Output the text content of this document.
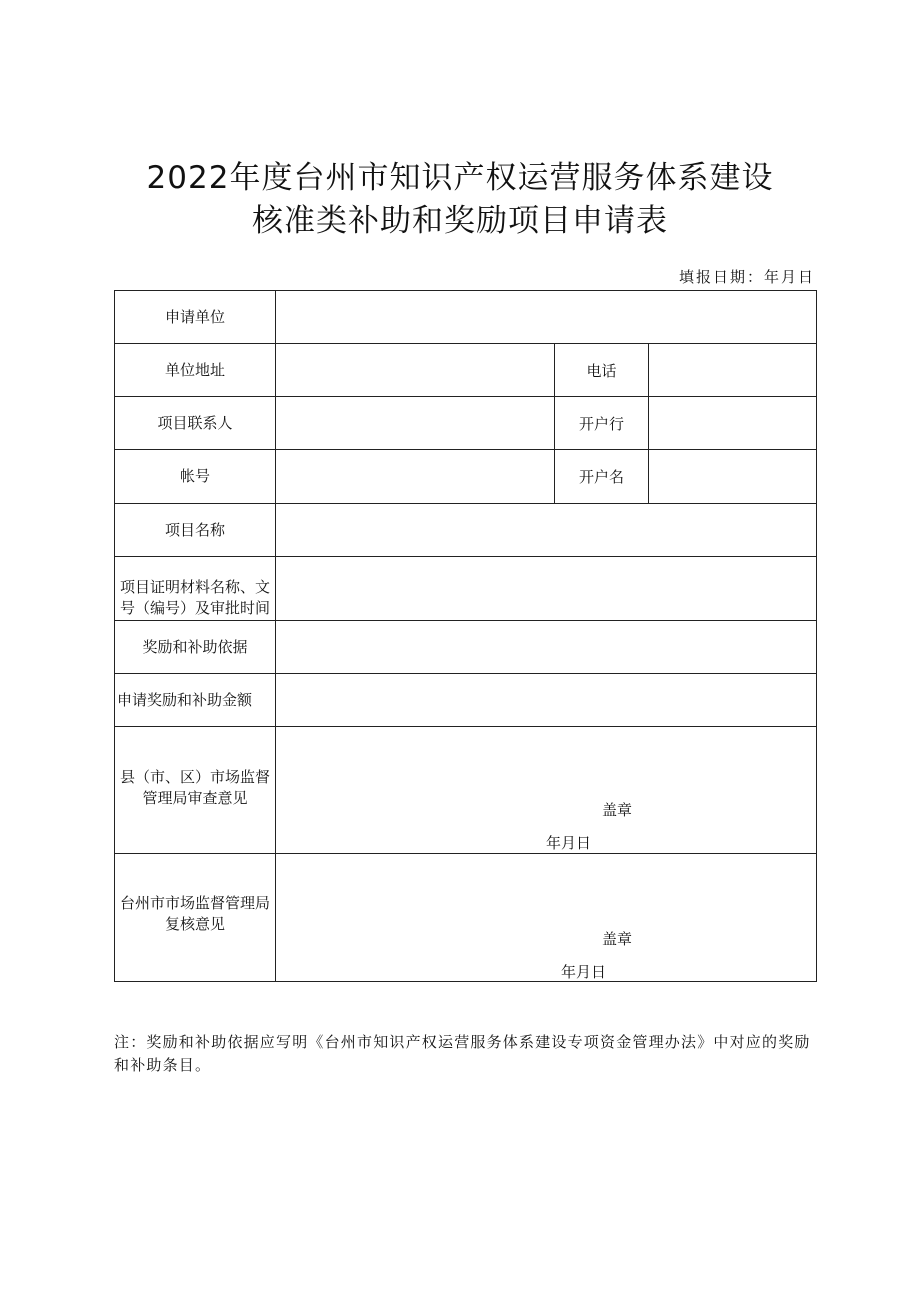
2022年度台州市知识产权运营服务体系建设
核准类补助和奖励项目申请表
填报日期：年月日
申请单位			
单位地址		电话	
项目联系人		开户行	
帐号		开户名	
项目名称			
项目证明材料名称、文号（编号）及审批时间			
奖励和补助依据			
申请奖励和补助金额			
县（市、区）市场监督管理局审查意见	盖章
年月日		

台州市市场监督管理局复核意见	盖章
年月日		
注：奖励和补助依据应写明《台州市知识产权运营服务体系建设专项资金管理办法》中对应的奖励和补助条目。
